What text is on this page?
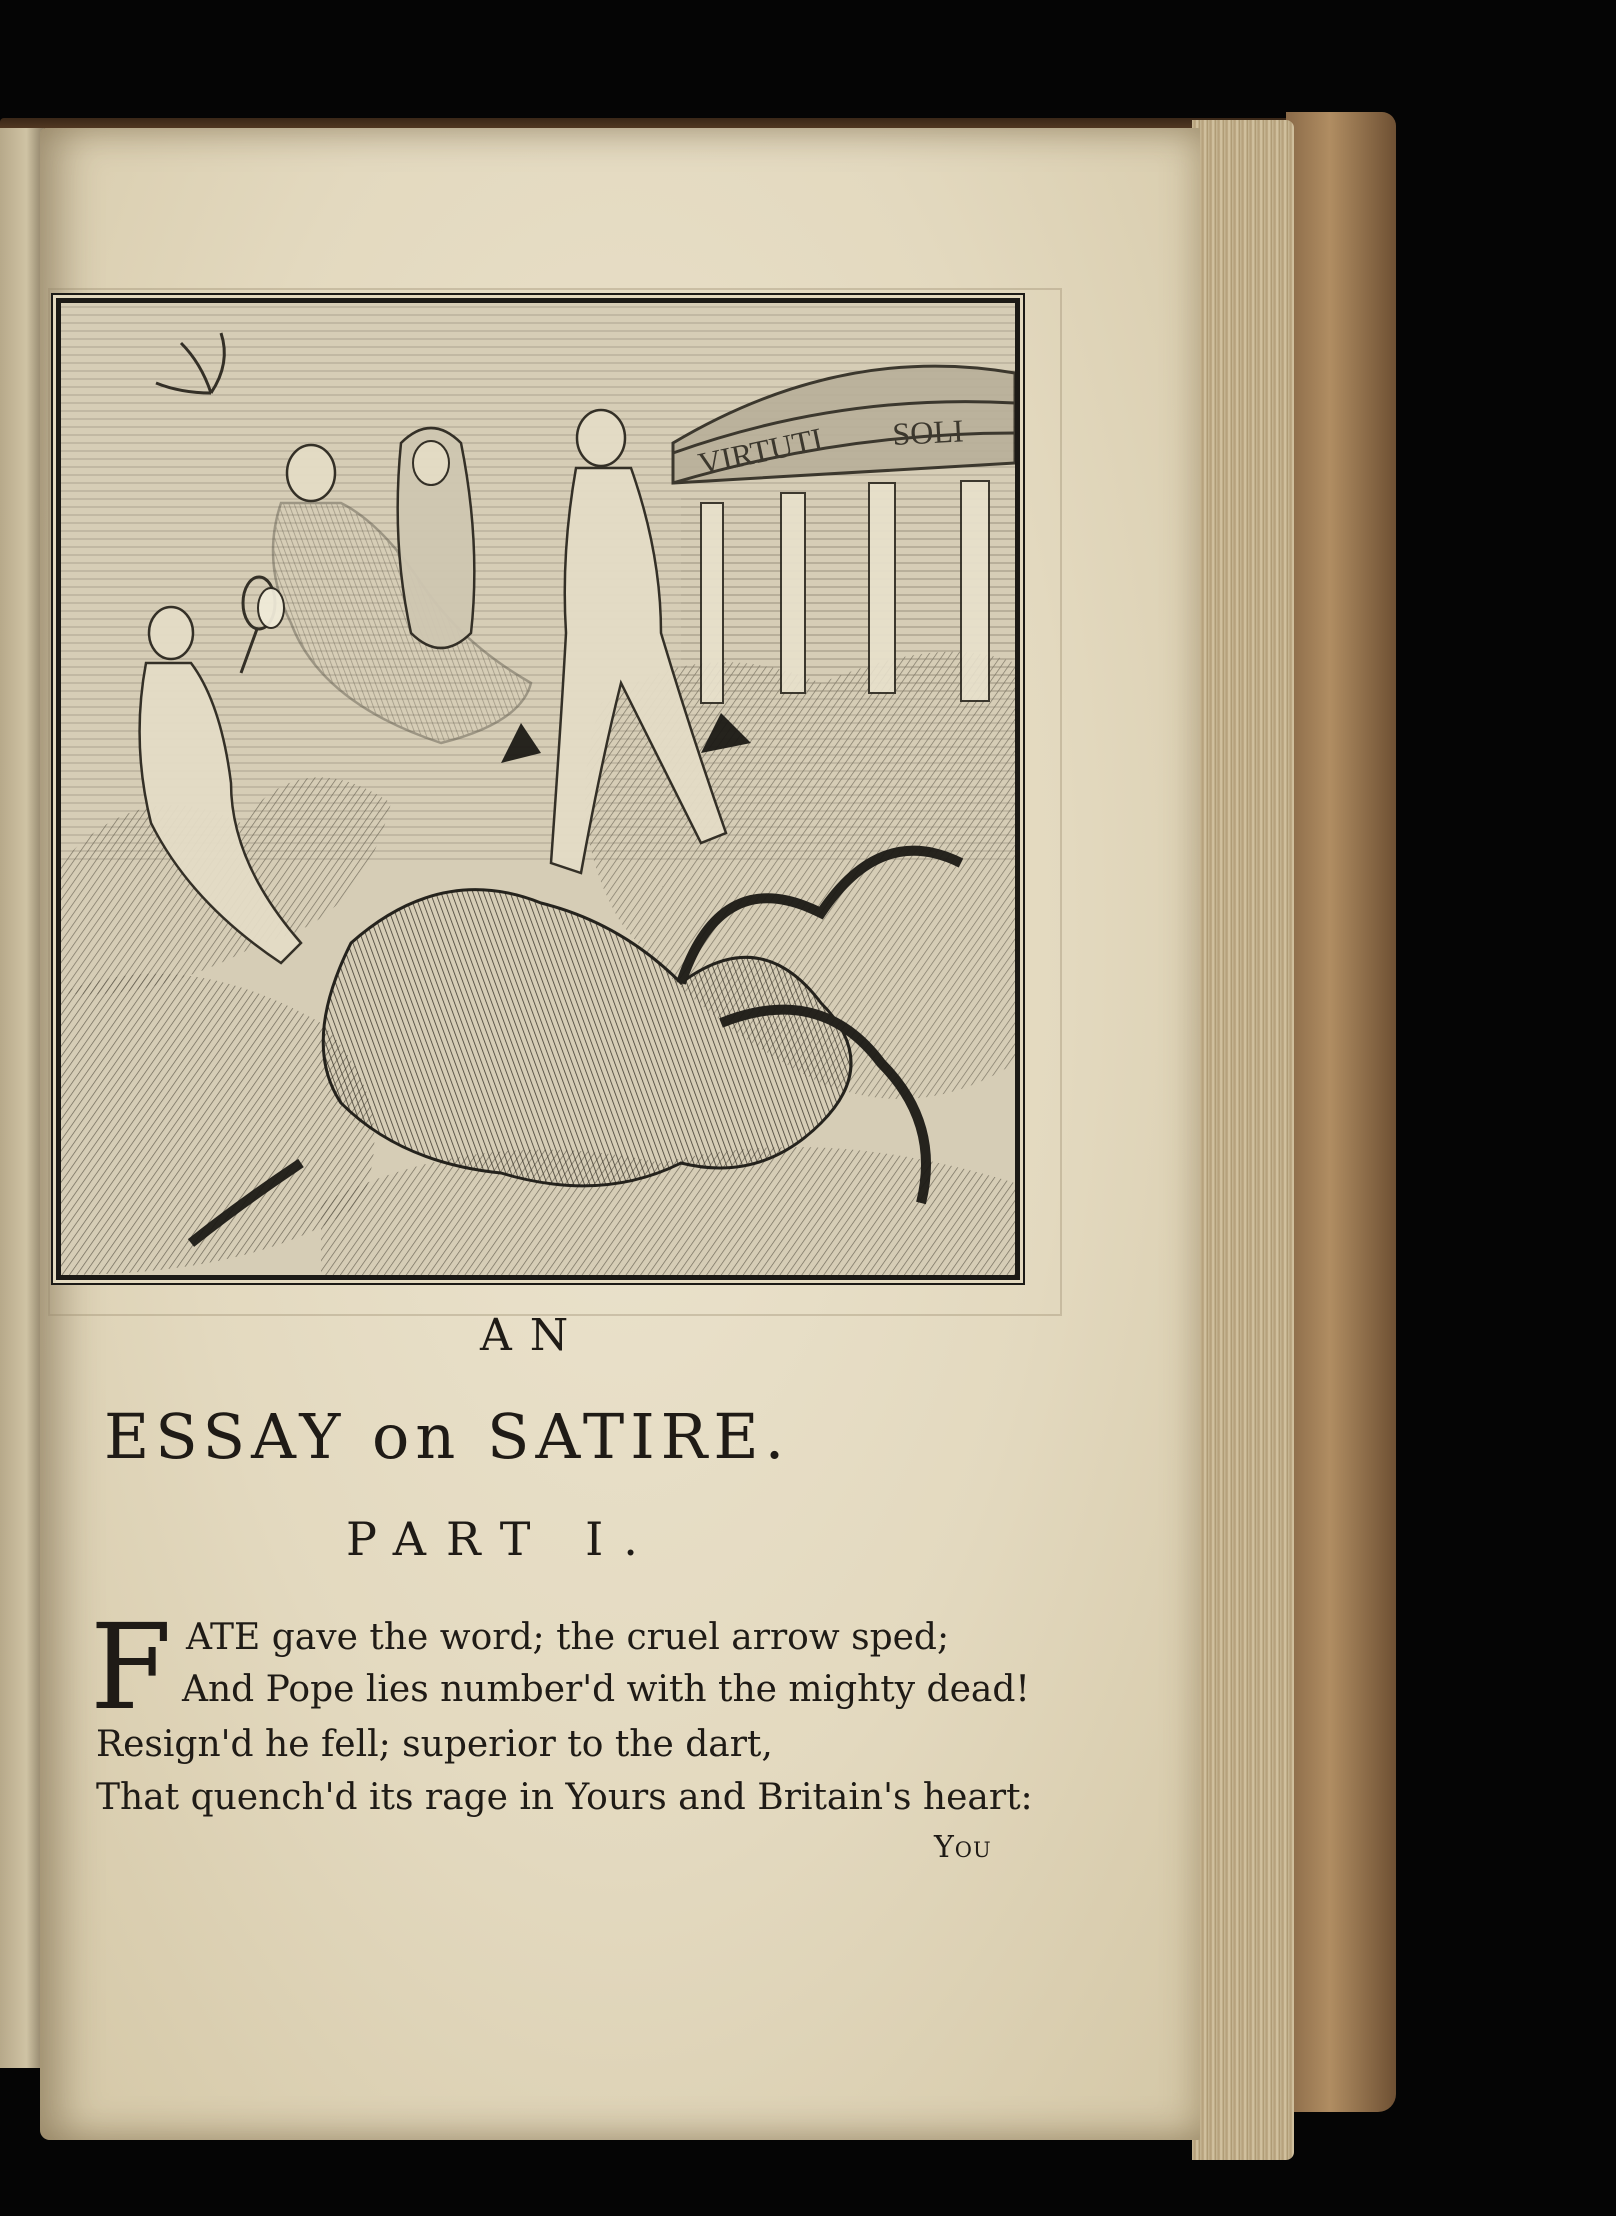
VIRTUTI SOLI
AN
ESSAY on SATIRE.
PART I.
F ATE gave the word; the cruel arrow sped;
And Pope lies number'd with the mighty dead!
Resign'd he fell; superior to the dart,
That quench'd its rage in Yours and Britain's heart:
You
